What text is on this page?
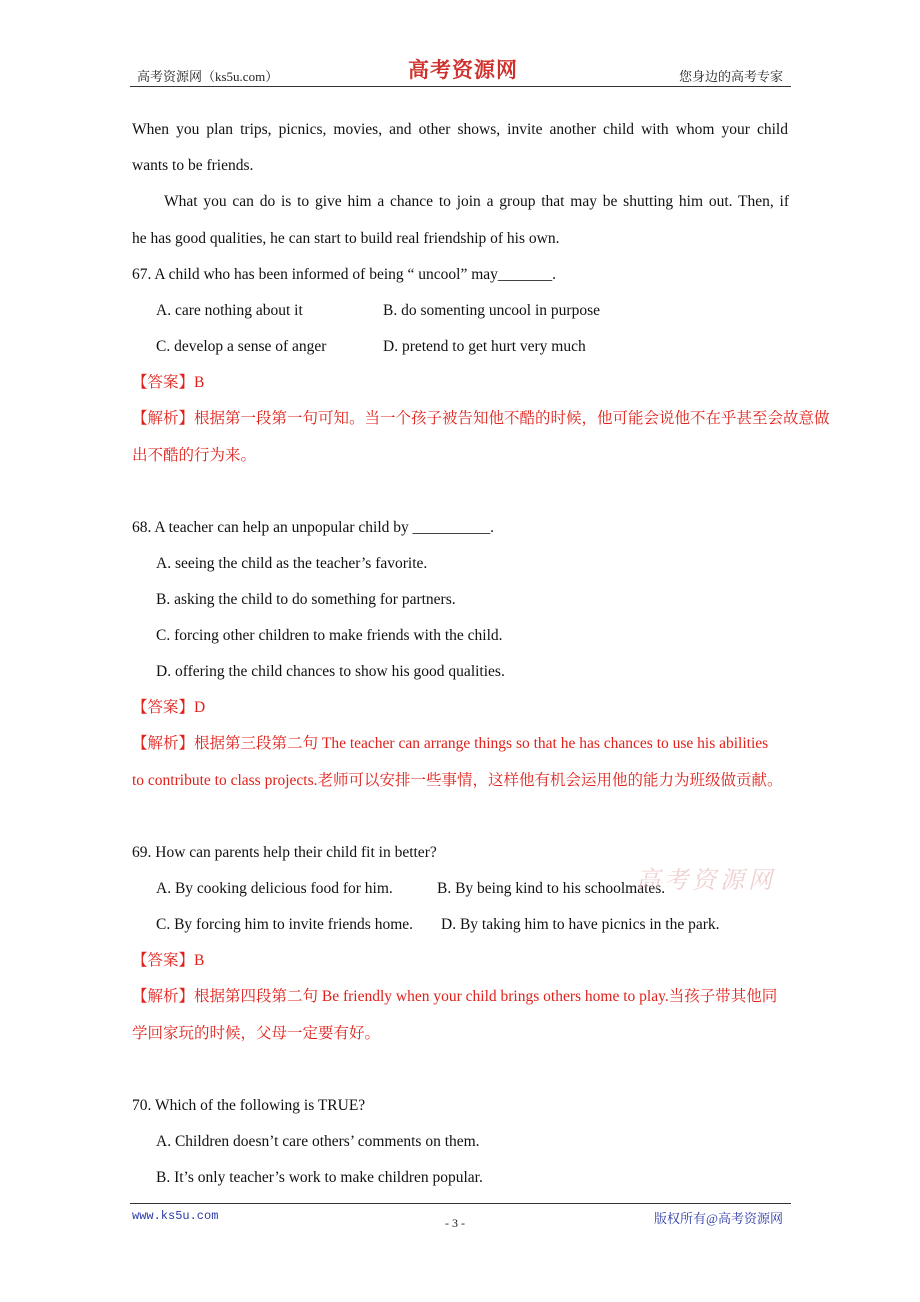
高考资源网（ks5u.com）	高考资源网	您身边的高考专家
When you plan trips, picnics, movies, and other shows, invite another child with whom your child
wants to be friends.
What you can do is to give him a chance to join a group that may be shutting him out. Then, if
he has good qualities, he can start to build real friendship of his own.
67. A child who has been informed of being “ uncool” may_______.
A. care nothing about it	B. do somenting uncool in purpose
C. develop a sense of anger	D. pretend to get hurt very much
【答案】B
【解析】根据第一段第一句可知。当一个孩子被告知他不酷的时候，他可能会说他不在乎甚至会故意做
出不酷的行为来。
68. A teacher can help an unpopular child by __________.
A. seeing the child as the teacher’s favorite.
B. asking the child to do something for partners.
C. forcing other children to make friends with the child.
D. offering the child chances to show his good qualities.
【答案】D
【解析】根据第三段第二句 The teacher can arrange things so that he has chances to use his abilities
to contribute to class projects.老师可以安排一些事情，这样他有机会运用他的能力为班级做贡献。
69. How can parents help their child fit in better?
A. By cooking delicious food for him.	B. By being kind to his schoolmates.
C. By forcing him to invite friends home. D. By taking him to have picnics in the park.
【答案】B
【解析】根据第四段第二句 Be friendly when your child brings others home to play.当孩子带其他同
学回家玩的时候，父母一定要有好。
70. Which of the following is TRUE?
A. Children doesn’t care others’ comments on them.
B. It’s only teacher’s work to make children popular.
高考资源网
www.ks5u.com	- 3 -	版权所有@高考资源网
